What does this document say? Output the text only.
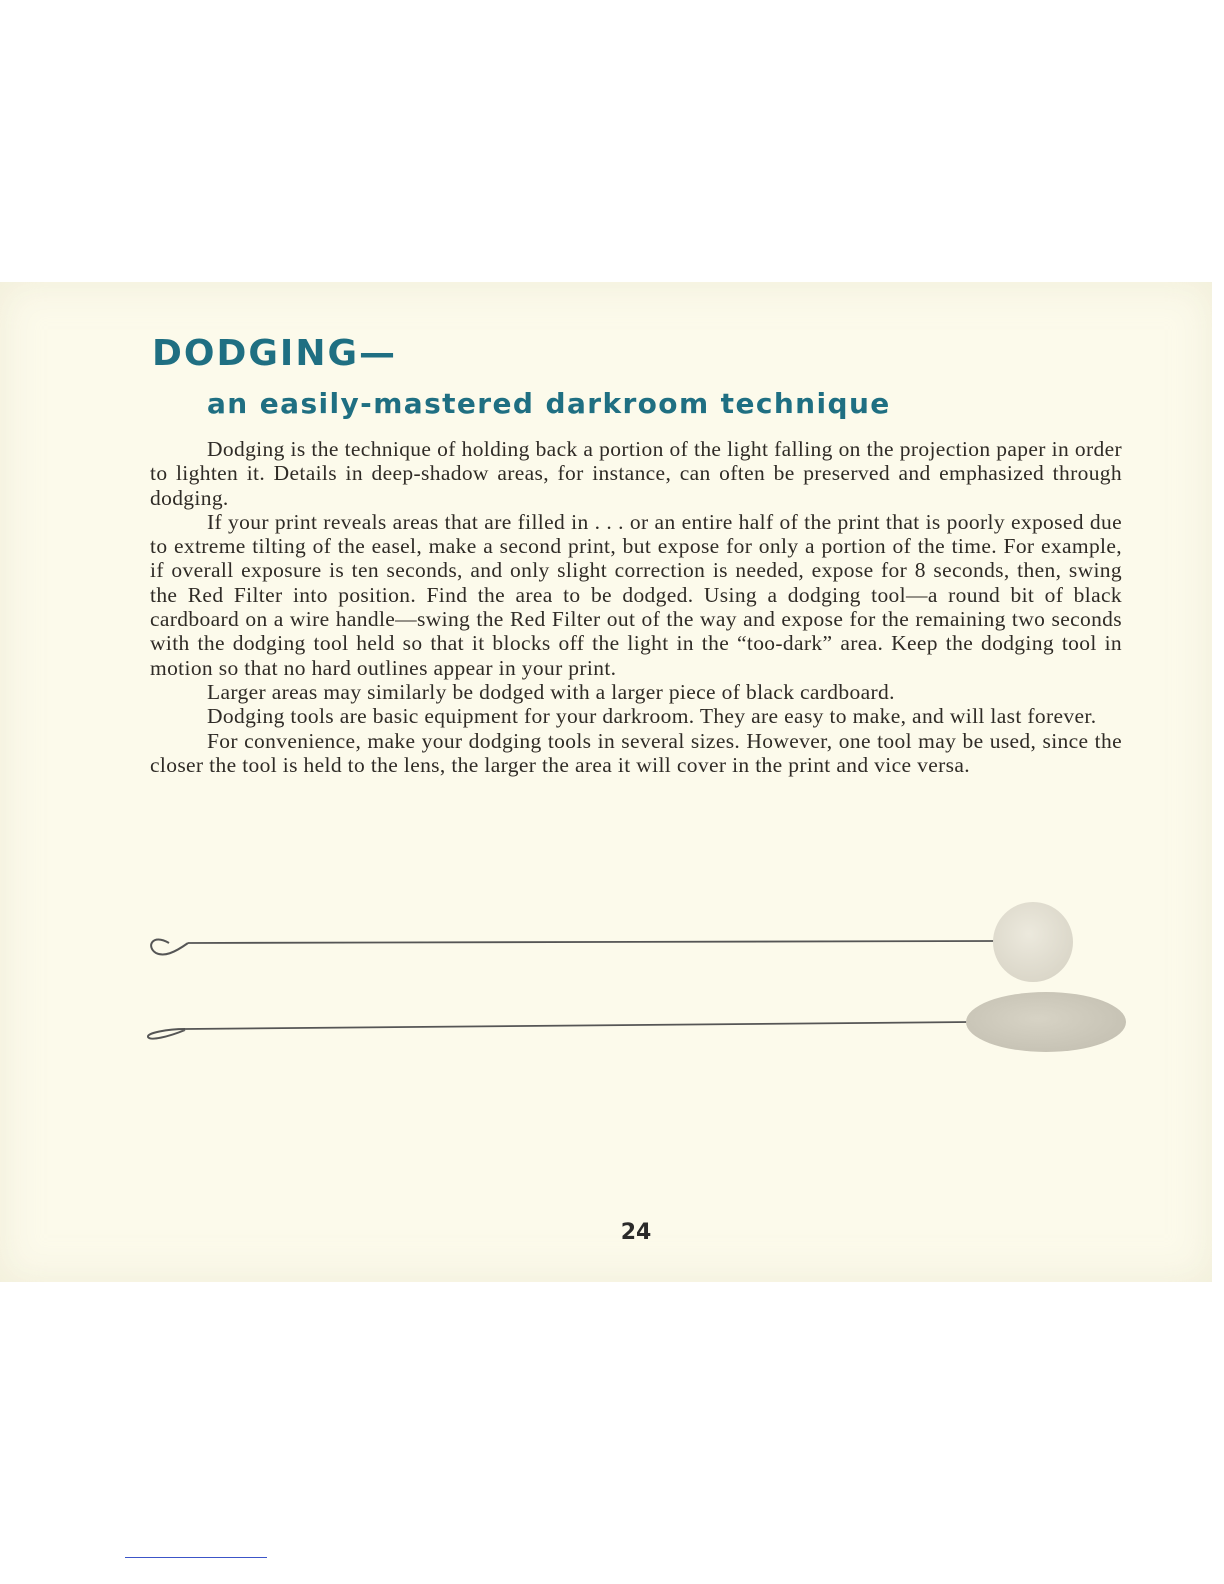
DODGING—
an easily-mastered darkroom technique

Dodging is the technique of holding back a portion of the light falling on the projection paper in order to lighten it. Details in deep-shadow areas, for instance, can often be preserved and emphasized through dodging.

If your print reveals areas that are filled in . . . or an entire half of the print that is poorly exposed due to extreme tilting of the easel, make a second print, but expose for only a portion of the time. For example, if overall exposure is ten seconds, and only slight correction is needed, expose for 8 seconds, then, swing the Red Filter into position. Find the area to be dodged. Using a dodging tool—a round bit of black cardboard on a wire handle—swing the Red Filter out of the way and expose for the remaining two seconds with the dodging tool held so that it blocks off the light in the “too-dark” area. Keep the dodging tool in motion so that no hard outlines appear in your print.

Larger areas may similarly be dodged with a larger piece of black cardboard.

Dodging tools are basic equipment for your darkroom. They are easy to make, and will last forever.

For convenience, make your dodging tools in several sizes. However, one tool may be used, since the closer the tool is held to the lens, the larger the area it will cover in the print and vice versa.

24
